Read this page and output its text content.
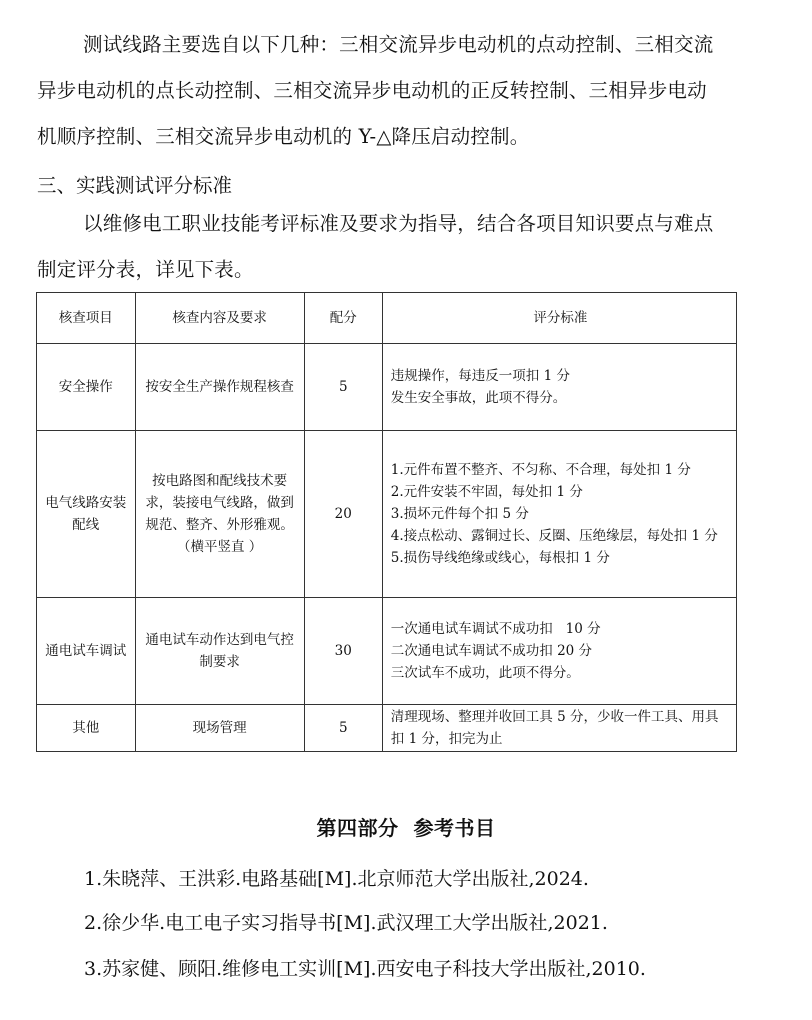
测试线路主要选自以下几种：三相交流异步电动机的点动控制、三相交流
异步电动机的点长动控制、三相交流异步电动机的正反转控制、三相异步电动
机顺序控制、三相交流异步电动机的 Y-△降压启动控制。

三、实践测试评分标准

以维修电工职业技能考评标准及要求为指导，结合各项目知识要点与难点
制定评分表，详见下表。
核查项目	核查内容及要求	配分	评分标准
安全操作	按安全生产操作规程核查	5	违规操作，每违反一项扣 1 分
发生安全事故，此项不得分。

电气线路安装配线	按电路图和配线技术要求，装接电气线路，做到规范、整齐、外形雅观。（横平竖直 ）	20	1.元件布置不整齐、不匀称、不合理，每处扣 1 分
2.元件安装不牢固，每处扣 1 分
3.损坏元件每个扣 5 分
4.接点松动、露铜过长、反圈、压绝缘层，每处扣 1 分
5.损伤导线绝缘或线心，每根扣 1 分

通电试车调试	通电试车动作达到电气控制要求	30	一次通电试车调试不成功扣   10 分
二次通电试车调试不成功扣 20 分
三次试车不成功，此项不得分。

其他	现场管理	5	清理现场、整理并收回工具 5 分，少收一件工具、用具扣 1 分，扣完为止

第四部分  参考书目

1.朱晓萍、王洪彩.电路基础[M].北京师范大学出版社,2024.

2.徐少华.电工电子实习指导书[M].武汉理工大学出版社,2021.

3.苏家健、顾阳.维修电工实训[M].西安电子科技大学出版社,2010.
